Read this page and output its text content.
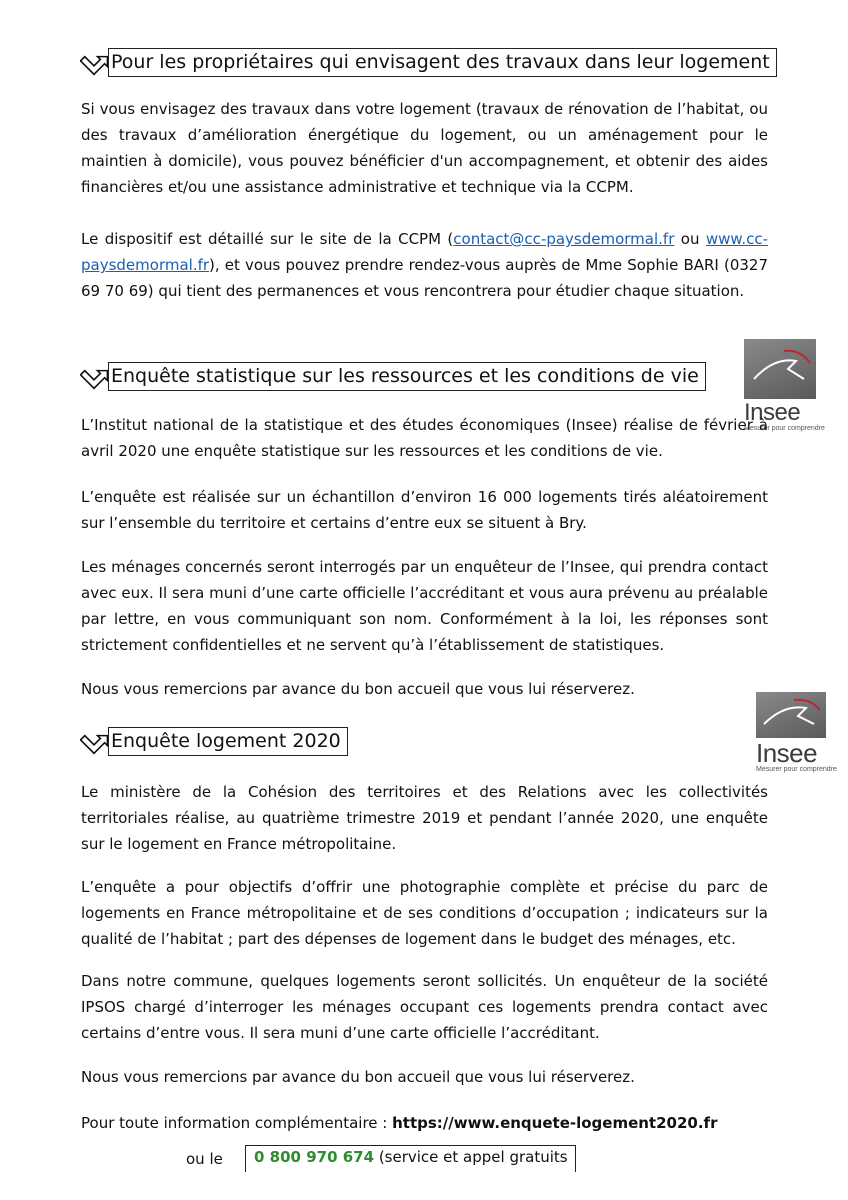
Pour les propriétaires qui envisagent des travaux dans leur logement

Si vous envisagez des travaux dans votre logement (travaux de rénovation de l’habitat, ou des travaux d’amélioration énergétique du logement, ou un aménagement pour le maintien à domicile), vous pouvez bénéficier d'un accompagnement, et obtenir des aides financières et/ou une assistance administrative et technique via la CCPM.

Le dispositif est détaillé sur le site de la CCPM (contact@cc-paysdemormal.fr ou www.cc-paysdemormal.fr), et vous pouvez prendre rendez-vous auprès de Mme Sophie BARI (0327 69 70 69) qui tient des permanences et vous rencontrera pour étudier chaque situation.

Enquête statistique sur les ressources et les conditions de vie
Insee
Mesurer pour comprendre

L’Institut national de la statistique et des études économiques (Insee) réalise de février à avril 2020 une enquête statistique sur les ressources et les conditions de vie.

L’enquête est réalisée sur un échantillon d’environ 16 000 logements tirés aléatoirement sur l’ensemble du territoire et certains d’entre eux se situent à Bry.

Les ménages concernés seront interrogés par un enquêteur de l’Insee, qui prendra contact avec eux. Il sera muni d’une carte officielle l’accréditant et vous aura prévenu au préalable par lettre, en vous communiquant son nom. Conformément à la loi, les réponses sont strictement confidentielles et ne servent qu’à l’établissement de statistiques.

Nous vous remercions par avance du bon accueil que vous lui réserverez.

Enquête logement 2020	Insee
Mesurer pour comprendre

Le ministère de la Cohésion des territoires et des Relations avec les collectivités territoriales réalise, au quatrième trimestre 2019 et pendant l’année 2020, une enquête sur le logement en France métropolitaine.

L’enquête a pour objectifs d’offrir une photographie complète et précise du parc de logements en France métropolitaine et de ses conditions d’occupation ; indicateurs sur la qualité de l’habitat ; part des dépenses de logement dans le budget des ménages, etc.

Dans notre commune, quelques logements seront sollicités. Un enquêteur de la société IPSOS chargé d’interroger les ménages occupant ces logements prendra contact avec certains d’entre vous. Il sera muni d’une carte officielle l’accréditant.

Nous vous remercions par avance du bon accueil que vous lui réserverez.

Pour toute information complémentaire : https://www.enquete-logement2020.fr

ou le	0 800 970 674 (service et appel gratuits
